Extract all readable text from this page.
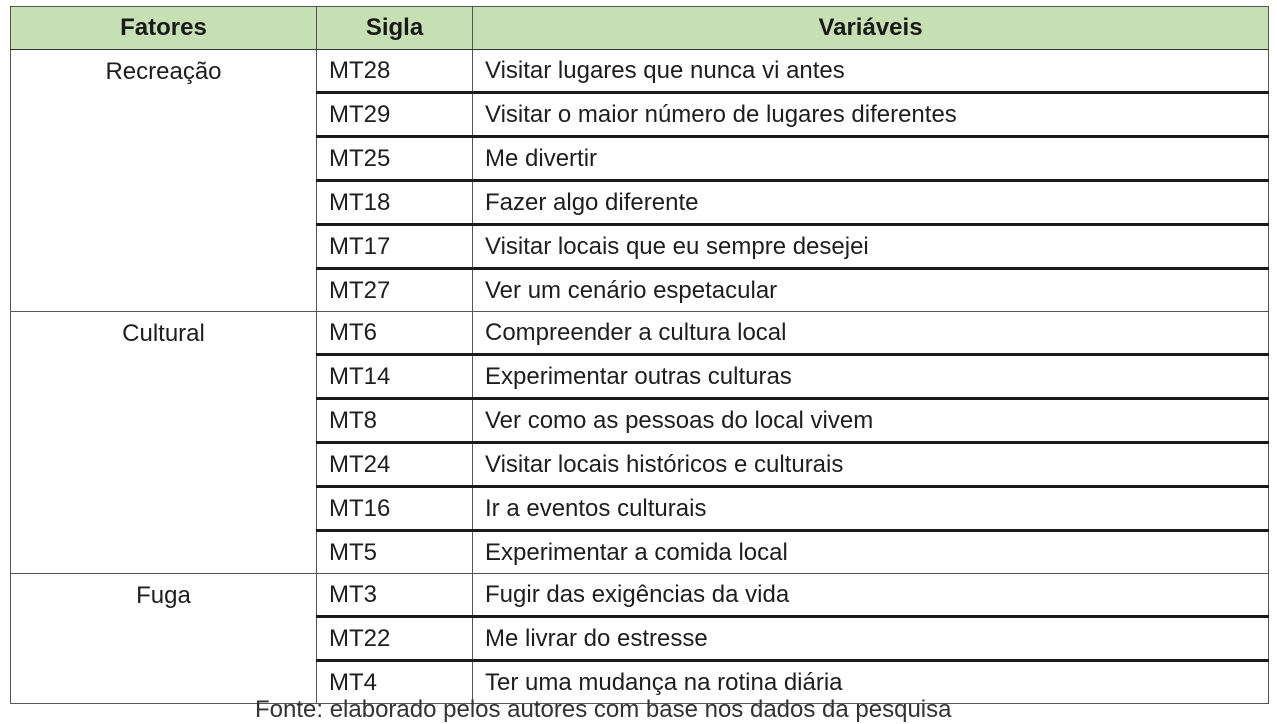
Fatores	Sigla	Variáveis
Recreação	MT28	Visitar lugares que nunca vi antes
	MT29	Visitar o maior número de lugares diferentes
	MT25	Me divertir
	MT18	Fazer algo diferente
	MT17	Visitar locais que eu sempre desejei
	MT27	Ver um cenário espetacular
Cultural	MT6	Compreender a cultura local
	MT14	Experimentar outras culturas
	MT8	Ver como as pessoas do local vivem
	MT24	Visitar locais históricos e culturais
	MT16	Ir a eventos culturais
	MT5	Experimentar a comida local
Fuga	MT3	Fugir das exigências da vida
	MT22	Me livrar do estresse
	MT4	Ter uma mudança na rotina diária
Fonte: elaborado pelos autores com base nos dados da pesquisa
